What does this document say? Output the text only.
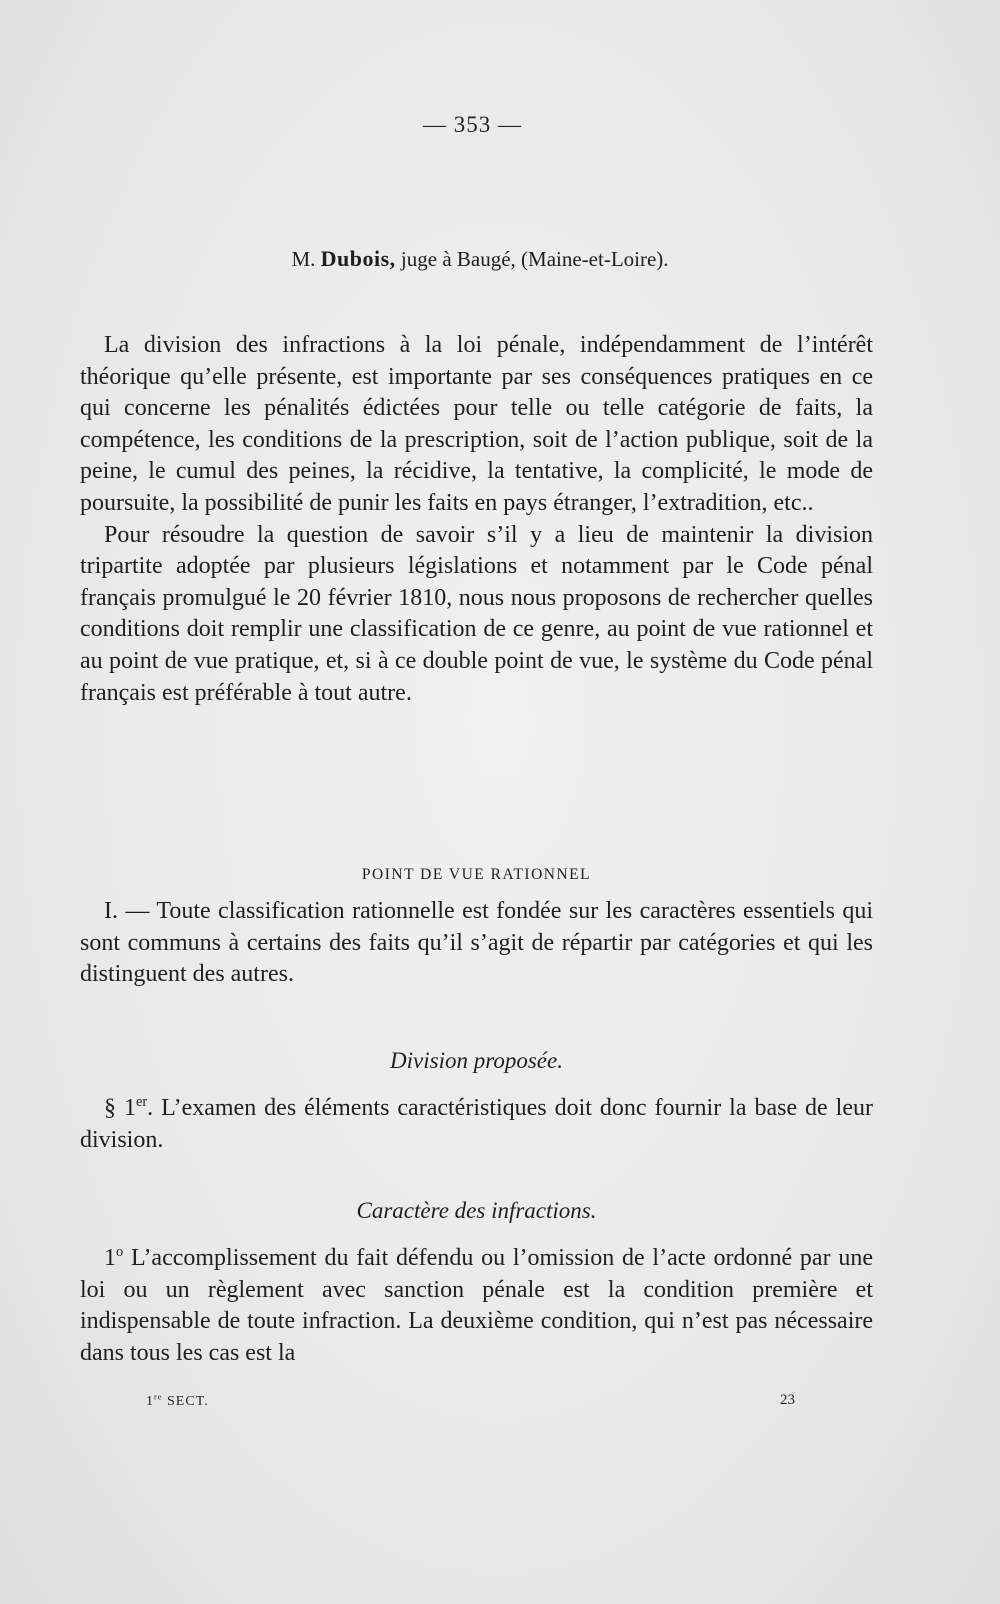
— 353 —
M. Dubois, juge à Baugé, (Maine-et-Loire).

La division des infractions à la loi pénale, indépendamment de l’intérêt théorique qu’elle présente, est importante par ses conséquences pratiques en ce qui concerne les pénalités édictées pour telle ou telle catégorie de faits, la compétence, les conditions de la prescription, soit de l’action publique, soit de la peine, le cumul des peines, la récidive, la tentative, la complicité, le mode de poursuite, la possibilité de punir les faits en pays étranger, l’extradition, etc..

Pour résoudre la question de savoir s’il y a lieu de maintenir la division tripartite adoptée par plusieurs législations et notamment par le Code pénal français promulgué le 20 février 1810, nous nous proposons de rechercher quelles conditions doit remplir une classification de ce genre, au point de vue rationnel et au point de vue pratique, et, si à ce double point de vue, le système du Code pénal français est préférable à tout autre.

POINT DE VUE RATIONNEL

I. — Toute classification rationnelle est fondée sur les caractères essentiels qui sont communs à certains des faits qu’il s’agit de répartir par catégories et qui les distinguent des autres.

Division proposée.

§ 1er. L’examen des éléments caractéristiques doit donc fournir la base de leur division.

Caractère des infractions.

1$^o$ L’accomplissement du fait défendu ou l’omission de l’acte ordonné par une loi ou un règlement avec sanction pénale est la condition première et indispensable de toute infraction. La deuxième condition, qui n’est pas nécessaire dans tous les cas est la

1re SECT.	23
